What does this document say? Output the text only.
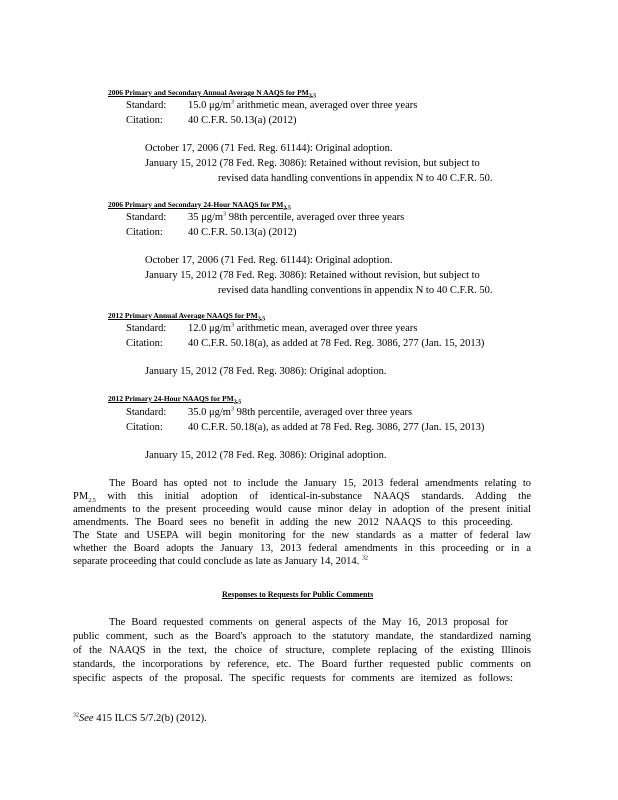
2006 Primary and Secondary Annual Average N AAQS for $PM_{2.5}$
Standard: 15.0 $\mu g/m^3$ arithmetic mean, averaged over three years
Citation: 40 C.F.R. 50.13(a) (2012)
October 17, 2006 (71 Fed. Reg. 61144): Original adoption.
January 15, 2012 (78 Fed. Reg. 3086): Retained without revision, but subject to
revised data handling conventions in appendix N to 40 C.F.R. 50.
2006 Primary and Secondary 24-Hour NAAQS for $PM_{2.5}$
Standard: 35 $\mu g/m^3$ 98th percentile, averaged over three years
Citation: 40 C.F.R. 50.13(a) (2012)
October 17, 2006 (71 Fed. Reg. 61144): Original adoption.
January 15, 2012 (78 Fed. Reg. 3086): Retained without revision, but subject to
revised data handling conventions in appendix N to 40 C.F.R. 50.
2012 Primary Annual Average NAAQS for $PM_{2.5}$
Standard: 12.0 $\mu g/m^3$ arithmetic mean, averaged over three years
Citation: 40 C.F.R. 50.18(a), as added at 78 Fed. Reg. 3086, 277 (Jan. 15, 2013)
January 15, 2012 (78 Fed. Reg. 3086): Original adoption.
2012 Primary 24-Hour NAAQS for $PM_{2.5}$
Standard: 35.0 $\mu g/m^3$ 98th percentile, averaged over three years
Citation: 40 C.F.R. 50.18(a), as added at 78 Fed. Reg. 3086, 277 (Jan. 15, 2013)
January 15, 2012 (78 Fed. Reg. 3086): Original adoption.
The Board has opted not to include the January 15, 2013 federal amendments relating to
$PM_{2.5}$ with this initial adoption of identical-in-substance NAAQS standards. Adding the
amendments to the present proceeding would cause minor delay in adoption of the present initial
amendments. The Board sees no benefit in adding the new 2012 NAAQS to this proceeding.
The State and USEPA will begin monitoring for the new standards as a matter of federal law
whether the Board adopts the January 13, 2013 federal amendments in this proceeding or in a
separate proceeding that could conclude as late as January 14, 2014. $^{32}$
Responses to Requests for Public Comments
The Board requested comments on general aspects of the May 16, 2013 proposal for
public comment, such as the Board's approach to the statutory mandate, the standardized naming
of the NAAQS in the text, the choice of structure, complete replacing of the existing Illinois
standards, the incorporations by reference, etc. The Board further requested public comments on
specific aspects of the proposal. The specific requests for comments are itemized as follows:
$^{32}$See 415 ILCS 5/7.2(b) (2012).
